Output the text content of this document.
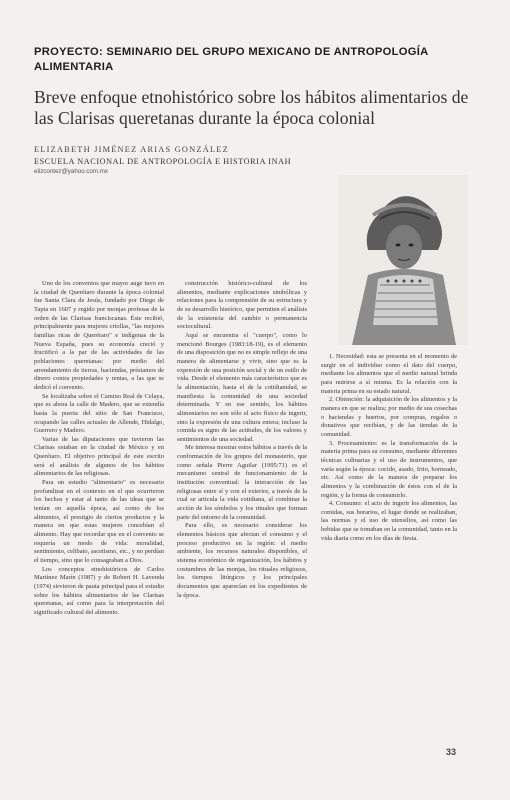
PROYECTO: SEMINARIO DEL GRUPO MEXICANO DE ANTROPOLOGÍA ALIMENTARIA
Breve enfoque etnohistórico sobre los hábitos alimentarios de las Clarisas queretanas durante la época colonial
ELIZABETH JIMÉNEZ ARIAS GONZÁLEZ
ESCUELA NACIONAL DE ANTROPOLOGÍA E HISTORIA INAH
elizcontez@yahoo.com.mx

Uno de los conventos que mayor auge tuvo en la ciudad de Querétaro durante la época colonial fue Santa Clara de Jesús, fundado por Diego de Tapia en 1607 y regido por monjas profesas de la orden de las Clarisas franciscanas. Éste recibió, principalmente para mujeres criollas, "las mejores familias ricas de Querétaro" e indígenas de la Nueva España, pues su economía creció y fructificó a la par de las actividades de las poblaciones queretanas: por medio del arrendamiento de tierras, haciendas, préstamos de dinero contra propiedades y rentas, a las que se dedicó el convento.

Se localizaba sobre el Camino Real de Celaya, que es ahora la calle de Madero, que se extendía hasta la puerta del sitio de San Francisco, ocupando las calles actuales de Allende, Hidalgo, Guerrero y Madero.

Varias de las diputaciones que tuvieron las Clarisas estaban en la ciudad de México y en Querétaro. El objetivo principal de este escrito será el análisis de algunos de los hábitos alimentarios de las religiosas.

Para un estudio "alimentario" es necesario profundizar en el contexto en el que ocurrieron los hechos y estar al tanto de las ideas que se tenían en aquella época, así como de los alimentos, el prestigio de ciertos productos y la manera en que estas mujeres concebían el alimento. Hay que recordar que en el convento se requería un modo de vida: moralidad, sentimiento, celibato, ascetismo, etc., y no perdían el tiempo, sino que lo consagraban a Dios.

Los conceptos etnohistóricos de Carlos Martínez Marín (1987) y de Robert H. Lavenda (1974) sirvieron de pauta principal para el estudio sobre los hábitos alimentarios de las Clarisas queretanas, así como para la interpretación del significado cultural del alimento.

construcción histórico-cultural de los alimentos, mediante explicaciones simbólicas y relaciones para la comprensión de su estructura y de su desarrollo histórico, que permiten el análisis de la existencia del cambio o permanencia sociocultural.

Aquí se encuentra el "cuerpo", como lo mencionó Bourges (1983:18-19), es el elemento de una disposición que no es simple reflejo de una manera de alimentarse y vivir, sino que es la expresión de una posición social y de un estilo de vida. Desde el elemento más característico que es la alimentación, hasta el de la cotidianidad, se manifiesta la comunidad de una sociedad determinada. Y en ese sentido, los hábitos alimentarios no son sólo el acto físico de ingerir, sino la expresión de una cultura entera; incluso la comida es signo de las actitudes, de los valores y sentimientos de una sociedad.

Me interesa mostrar estos hábitos a través de la conformación de los grupos del monasterio, que como señala Pierre Aguilar (1995:71) es el mecanismo central de funcionamiento de la institución conventual: la interacción de las religiosas entre sí y con el exterior, a través de la cual se articula la vida cotidiana, al combinar la acción de los símbolos y los rituales que forman parte del entorno de la comunidad.

Para ello, es necesario considerar los elementos básicos que afectan el consumo y el proceso productivo en la región: el medio ambiente, los recursos naturales disponibles, el sistema económico de organización, los hábitos y costumbres de las monjas, los rituales religiosos, los tiempos litúrgicos y los principales documentos que aparecían en los expedientes de la época.

1. Necesidad: esta se presenta en el momento de surgir en el individuo como el dato del cuerpo, mediante los alimentos que el medio natural brinda para nutrirse a sí misma. Es la relación con la materia prima en su estado natural.

2. Obtención: la adquisición de los alimentos y la manera en que se realiza; por medio de sus cosechas o haciendas y huertos, por compras, regalos o donativos que recibían, y de las tiendas de la comunidad.

3. Procesamiento: es la transformación de la materia prima para su consumo, mediante diferentes técnicas culinarias y el uso de instrumentos, que varía según la época: cocido, asado, frito, horneado, etc. Así como de la manera de preparar los alimentos y la combinación de éstos con el de la región, y la forma de consumirlo.

4. Consumo: el acto de ingerir los alimentos, las comidas, sus horarios, el lugar donde se realizaban, las normas y el uso de utensilios, así como las bebidas que se tomaban en la comunidad, tanto en la vida diaria como en los días de fiesta.

33
